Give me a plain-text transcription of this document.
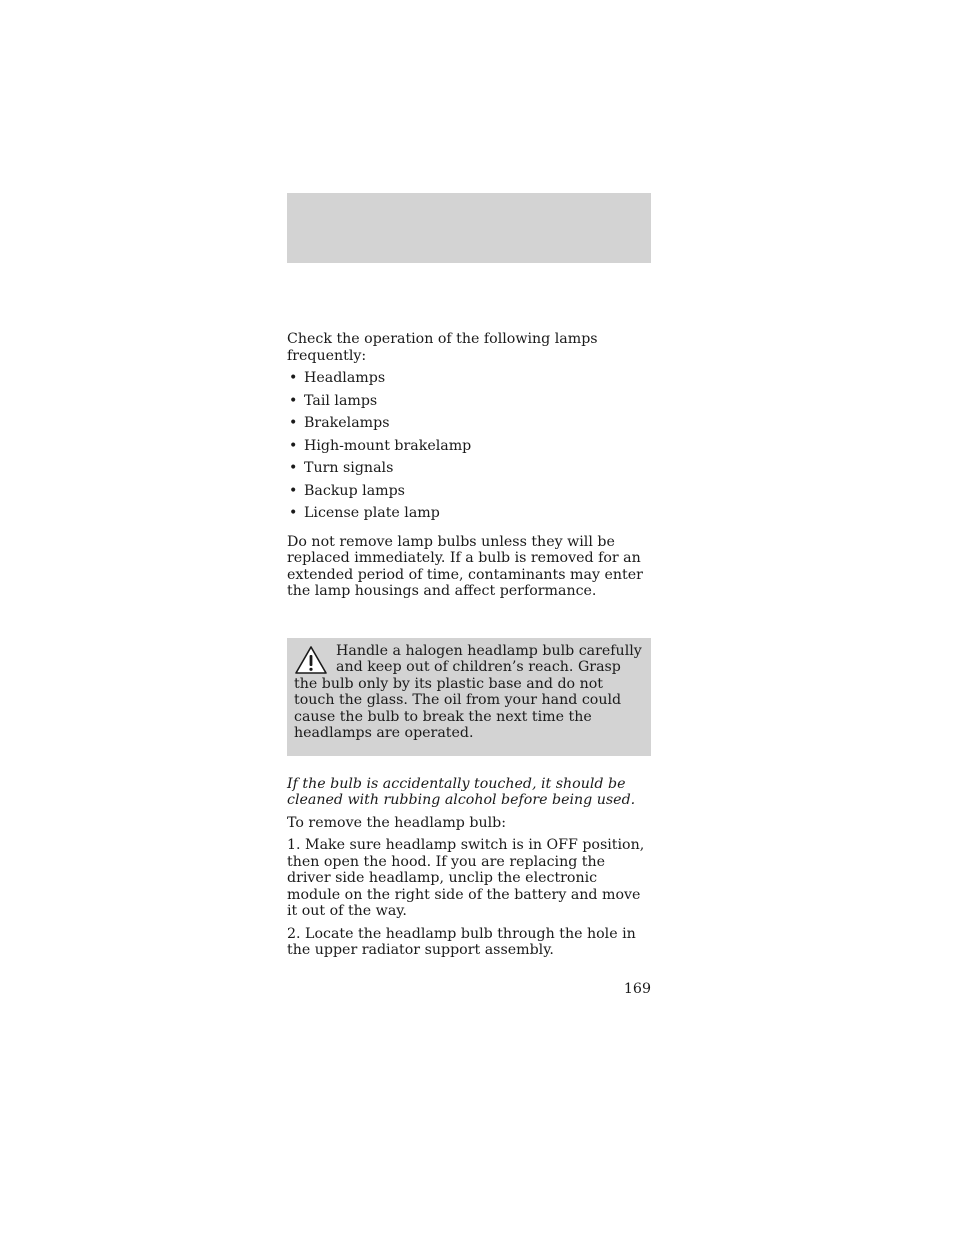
Check the operation of the following lamps frequently:

• Headlamps
• Tail lamps
• Brakelamps
• High-mount brakelamp
• Turn signals
• Backup lamps
• License plate lamp

Do not remove lamp bulbs unless they will be replaced immediately. If a bulb is removed for an extended period of time, contaminants may enter the lamp housings and affect performance.

Handle a halogen headlamp bulb carefully and keep out of children’s reach. Grasp the bulb only by its plastic base and do not touch the glass. The oil from your hand could cause the bulb to break the next time the headlamps are operated.

If the bulb is accidentally touched, it should be cleaned with rubbing alcohol before being used.

To remove the headlamp bulb:

1. Make sure headlamp switch is in OFF position, then open the hood. If you are replacing the driver side headlamp, unclip the electronic module on the right side of the battery and move it out of the way.

2. Locate the headlamp bulb through the hole in the upper radiator support assembly.

169
